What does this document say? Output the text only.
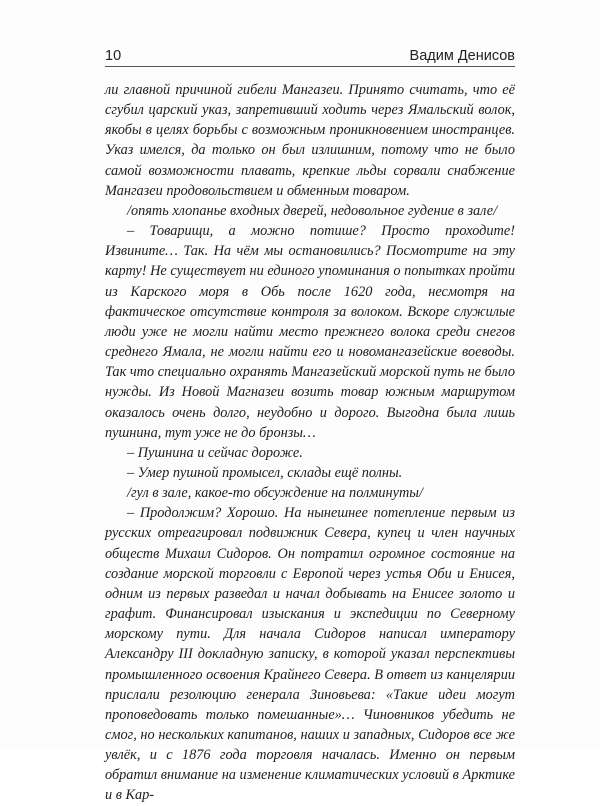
10	Вадим Денисов

ли главной причиной гибели Мангазеи. Принято считать, что её сгубил царский указ, запретивший ходить через Ямальский волок, якобы в целях борьбы с возможным проникновением иностранцев. Указ имелся, да только он был излишним, потому что не было самой возможности плавать, крепкие льды сорвали снабжение Мангазеи продовольствием и обменным товаром.

/опять хлопанье входных дверей, недовольное гудение в зале/

– Товарищи, а можно потише? Просто проходите! Извините… Так. На чём мы остановились? Посмотрите на эту карту! Не существует ни единого упоминания о попытках пройти из Карского моря в Обь после 1620 года, несмотря на фактическое отсутствие контроля за волоком. Вскоре служилые люди уже не могли найти место прежнего волока среди снегов среднего Ямала, не могли найти его и новомангазейские воеводы. Так что специально охранять Мангазейский морской путь не было нужды. Из Новой Магназеи возить товар южным маршрутом оказалось очень долго, неудобно и дорого. Выгодна была лишь пушнина, тут уже не до бронзы…

– Пушнина и сейчас дороже.

– Умер пушной промысел, склады ещё полны.

/гул в зале, какое-то обсуждение на полминуты/

– Продолжим? Хорошо. На нынешнее потепление первым из русских отреагировал подвижник Севера, купец и член научных обществ Михаил Сидоров. Он потратил огромное состояние на создание морской торговли с Европой через устья Оби и Енисея, одним из первых разведал и начал добывать на Енисее золото и графит. Финансировал изыскания и экспедиции по Северному морскому пути. Для начала Сидоров написал императору Александру III докладную записку, в которой указал перспективы промышленного освоения Крайнего Севера. В ответ из канцелярии прислали резолюцию генерала Зиновьева: «Такие идеи могут проповедовать только помешанные»… Чиновников убедить не смог, но нескольких капитанов, наших и западных, Сидоров все же увлёк, и с 1876 года торговля началась. Именно он первым обратил внимание на изменение климатических условий в Арктике и в Кар-
